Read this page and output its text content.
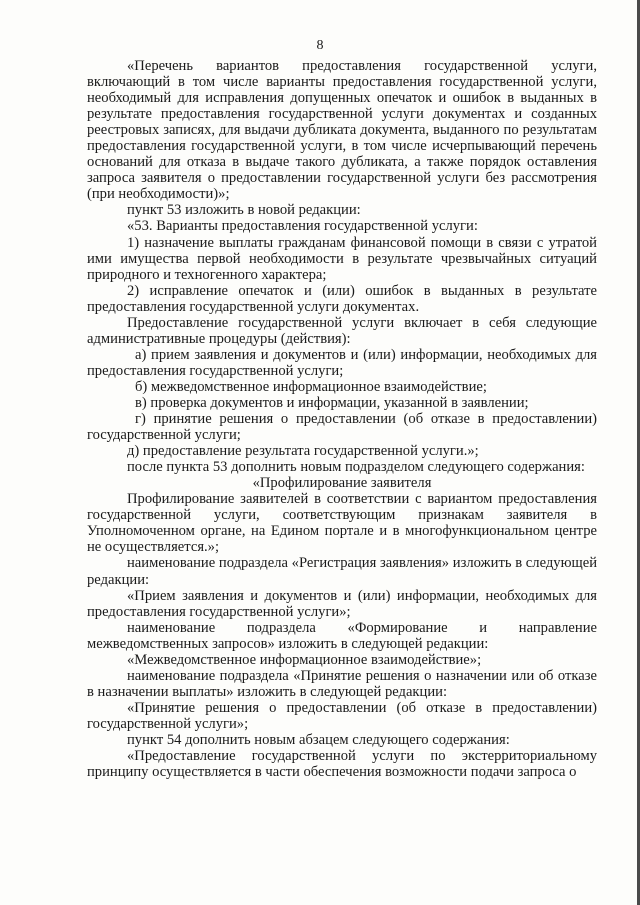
8

«Перечень вариантов предоставления государственной услуги, включающий в том числе варианты предоставления государственной услуги, необходимый для исправления допущенных опечаток и ошибок в выданных в результате предоставления государственной услуги документах и созданных реестровых записях, для выдачи дубликата документа, выданного по результатам предоставления государственной услуги, в том числе исчерпывающий перечень оснований для отказа в выдаче такого дубликата, а также порядок оставления запроса заявителя о предоставлении государственной услуги без рассмотрения (при необходимости)»;

пункт 53 изложить в новой редакции:

«53. Варианты предоставления государственной услуги:

1) назначение выплаты гражданам финансовой помощи в связи с утратой ими имущества первой необходимости в результате чрезвычайных ситуаций природного и техногенного характера;

2) исправление опечаток и (или) ошибок в выданных в результате предоставления государственной услуги документах.

Предоставление государственной услуги включает в себя следующие административные процедуры (действия):

а) прием заявления и документов и (или) информации, необходимых для предоставления государственной услуги;

б) межведомственное информационное взаимодействие;

в) проверка документов и информации, указанной в заявлении;

г) принятие решения о предоставлении (об отказе в предоставлении) государственной услуги;

д) предоставление результата государственной услуги.»;

после пункта 53 дополнить новым подразделом следующего содержания:

«Профилирование заявителя

Профилирование заявителей в соответствии с вариантом предоставления государственной услуги, соответствующим признакам заявителя в Уполномоченном органе, на Едином портале и в многофункциональном центре не осуществляется.»;

наименование подраздела «Регистрация заявления» изложить в следующей редакции:

«Прием заявления и документов и (или) информации, необходимых для предоставления государственной услуги»;

наименование подраздела «Формирование и направление межведомственных запросов» изложить в следующей редакции:

«Межведомственное информационное взаимодействие»;

наименование подраздела «Принятие решения о назначении или об отказе в назначении выплаты» изложить в следующей редакции:

«Принятие решения о предоставлении (об отказе в предоставлении) государственной услуги»;

пункт 54 дополнить новым абзацем следующего содержания:

«Предоставление государственной услуги по экстерриториальному принципу осуществляется в части обеспечения возможности подачи запроса о
